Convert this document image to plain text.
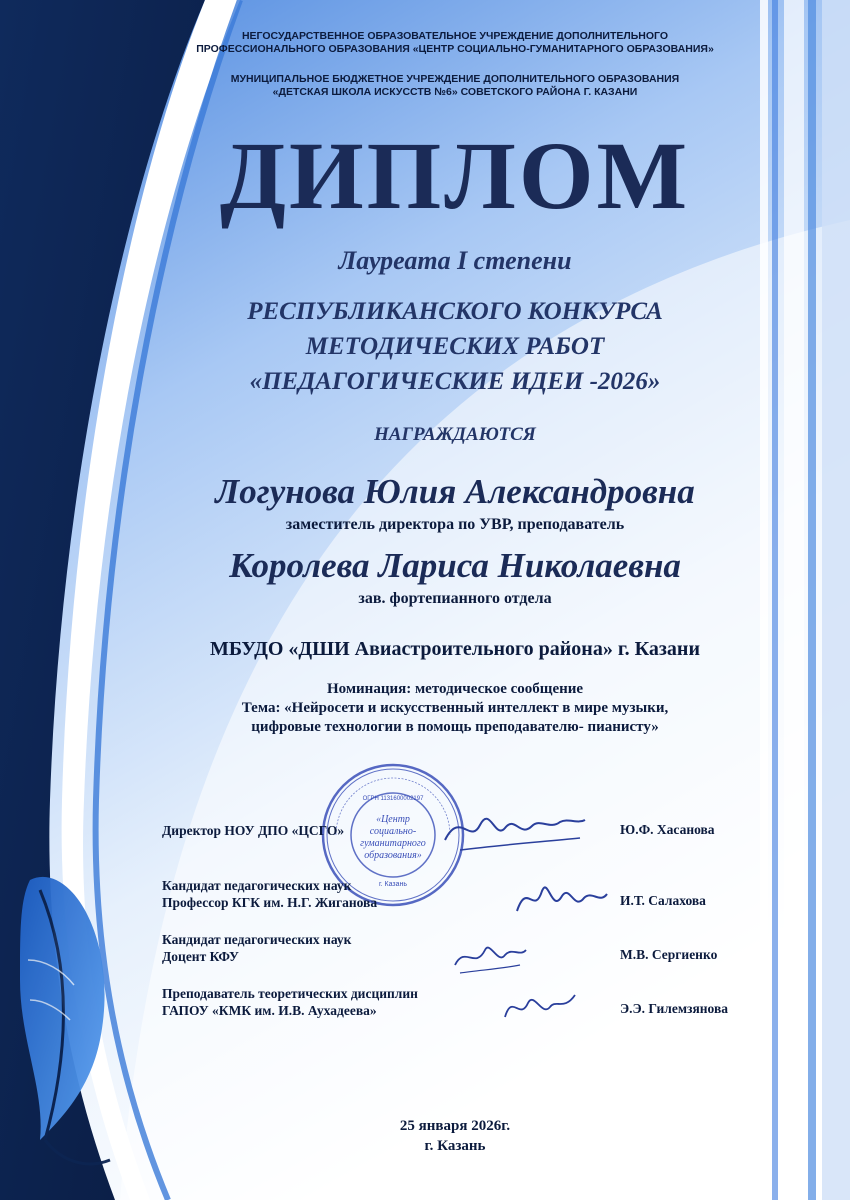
НЕГОСУДАРСТВЕННОЕ ОБРАЗОВАТЕЛЬНОЕ УЧРЕЖДЕНИЕ ДОПОЛНИТЕЛЬНОГО
ПРОФЕССИОНАЛЬНОГО ОБРАЗОВАНИЯ «ЦЕНТР СОЦИАЛЬНО-ГУМАНИТАРНОГО ОБРАЗОВАНИЯ»
МУНИЦИПАЛЬНОЕ БЮДЖЕТНОЕ УЧРЕЖДЕНИЕ ДОПОЛНИТЕЛЬНОГО ОБРАЗОВАНИЯ
«ДЕТСКАЯ ШКОЛА ИСКУССТВ №6» СОВЕТСКОГО РАЙОНА Г. КАЗАНИ
ДИПЛОМ
Лауреата I степени
РЕСПУБЛИКАНСКОГО КОНКУРСА
МЕТОДИЧЕСКИХ РАБОТ
«ПЕДАГОГИЧЕСКИЕ ИДЕИ -2026»
НАГРАЖДАЮТСЯ
Логунова Юлия Александровна
заместитель директора по УВР, преподаватель
Королева Лариса Николаевна
зав. фортепианного отдела
МБУДО «ДШИ Авиастроительного района» г. Казани
Номинация: методическое сообщение
Тема: «Нейросети и искусственный интеллект в мире музыки,
цифровые технологии в помощь преподавателю- пианисту»
«Центр
социально-
гуманитарного
образования»
ОГРН 1131600002197
г. Казань
Директор НОУ ДПО «ЦСГО»	Ю.Ф. Хасанова
Кандидат педагогических наук
Профессор КГК им. Н.Г. Жиганова	И.Т. Салахова
Кандидат педагогических наук
Доцент КФУ	М.В. Сергиенко
Преподаватель теоретических дисциплин
ГАПОУ «КМК им. И.В. Аухадеева»	Э.Э. Гилемзянова
25 января 2026г.
г. Казань
